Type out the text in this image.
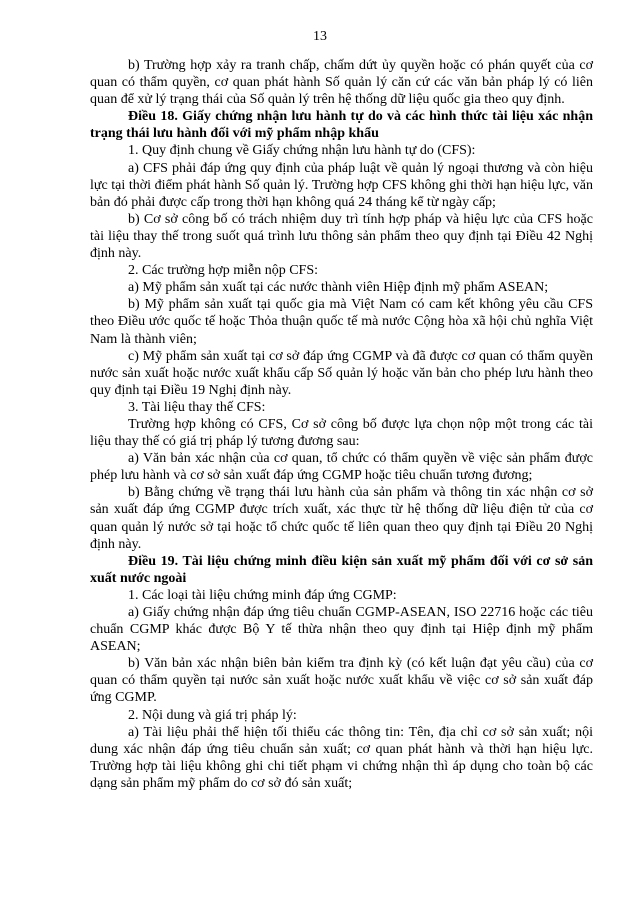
13

b) Trường hợp xảy ra tranh chấp, chấm dứt ủy quyền hoặc có phán quyết của cơ quan có thẩm quyền, cơ quan phát hành Số quản lý căn cứ các văn bản pháp lý có liên quan để xử lý trạng thái của Số quản lý trên hệ thống dữ liệu quốc gia theo quy định.

Điều 18. Giấy chứng nhận lưu hành tự do và các hình thức tài liệu xác nhận trạng thái lưu hành đối với mỹ phẩm nhập khẩu

1. Quy định chung về Giấy chứng nhận lưu hành tự do (CFS):

a) CFS phải đáp ứng quy định của pháp luật về quản lý ngoại thương và còn hiệu lực tại thời điểm phát hành Số quản lý. Trường hợp CFS không ghi thời hạn hiệu lực, văn bản đó phải được cấp trong thời hạn không quá 24 tháng kể từ ngày cấp;

b) Cơ sở công bố có trách nhiệm duy trì tính hợp pháp và hiệu lực của CFS hoặc tài liệu thay thế trong suốt quá trình lưu thông sản phẩm theo quy định tại Điều 42 Nghị định này.

2. Các trường hợp miễn nộp CFS:

a) Mỹ phẩm sản xuất tại các nước thành viên Hiệp định mỹ phẩm ASEAN;

b) Mỹ phẩm sản xuất tại quốc gia mà Việt Nam có cam kết không yêu cầu CFS theo Điều ước quốc tế hoặc Thỏa thuận quốc tế mà nước Cộng hòa xã hội chủ nghĩa Việt Nam là thành viên;

c) Mỹ phẩm sản xuất tại cơ sở đáp ứng CGMP và đã được cơ quan có thẩm quyền nước sản xuất hoặc nước xuất khẩu cấp Số quản lý hoặc văn bản cho phép lưu hành theo quy định tại Điều 19 Nghị định này.

3. Tài liệu thay thế CFS:

Trường hợp không có CFS, Cơ sở công bố được lựa chọn nộp một trong các tài liệu thay thế có giá trị pháp lý tương đương sau:

a) Văn bản xác nhận của cơ quan, tổ chức có thẩm quyền về việc sản phẩm được phép lưu hành và cơ sở sản xuất đáp ứng CGMP hoặc tiêu chuẩn tương đương;

b) Bằng chứng về trạng thái lưu hành của sản phẩm và thông tin xác nhận cơ sở sản xuất đáp ứng CGMP được trích xuất, xác thực từ hệ thống dữ liệu điện tử của cơ quan quản lý nước sở tại hoặc tổ chức quốc tế liên quan theo quy định tại Điều 20 Nghị định này.

Điều 19. Tài liệu chứng minh điều kiện sản xuất mỹ phẩm đối với cơ sở sản xuất nước ngoài

1. Các loại tài liệu chứng minh đáp ứng CGMP:

a) Giấy chứng nhận đáp ứng tiêu chuẩn CGMP-ASEAN, ISO 22716 hoặc các tiêu chuẩn CGMP khác được Bộ Y tế thừa nhận theo quy định tại Hiệp định mỹ phẩm ASEAN;

b) Văn bản xác nhận biên bản kiểm tra định kỳ (có kết luận đạt yêu cầu) của cơ quan có thẩm quyền tại nước sản xuất hoặc nước xuất khẩu về việc cơ sở sản xuất đáp ứng CGMP.

2. Nội dung và giá trị pháp lý:

a) Tài liệu phải thể hiện tối thiểu các thông tin: Tên, địa chỉ cơ sở sản xuất; nội dung xác nhận đáp ứng tiêu chuẩn sản xuất; cơ quan phát hành và thời hạn hiệu lực. Trường hợp tài liệu không ghi chi tiết phạm vi chứng nhận thì áp dụng cho toàn bộ các dạng sản phẩm mỹ phẩm do cơ sở đó sản xuất;
